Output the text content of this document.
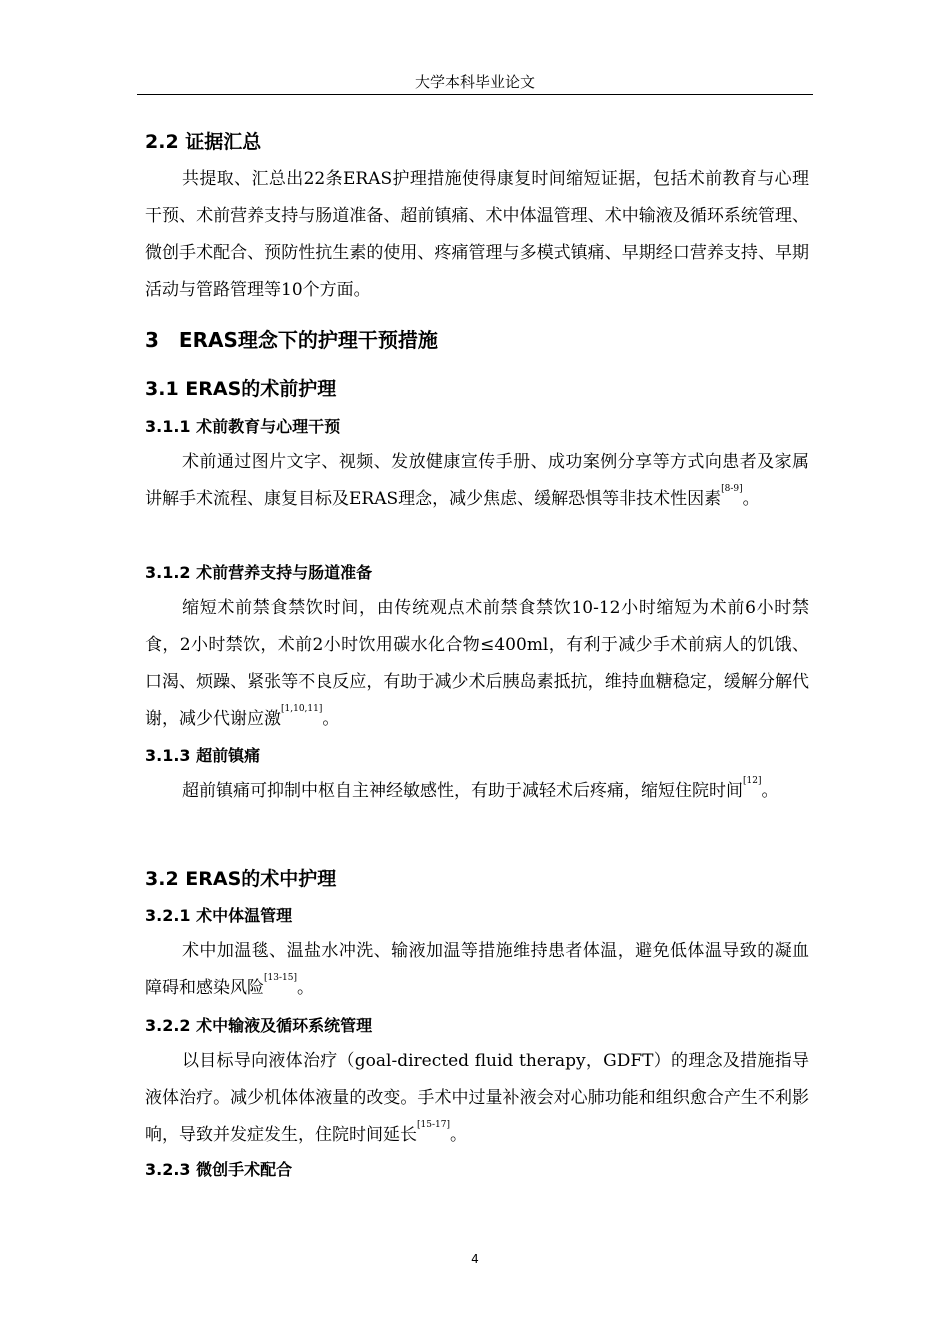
大学本科毕业论文
2.2 证据汇总

共提取、汇总出22条ERAS护理措施使得康复时间缩短证据，包括术前教育与心理干预、术前营养支持与肠道准备、超前镇痛、术中体温管理、术中输液及循环系统管理、微创手术配合、预防性抗生素的使用、疼痛管理与多模式镇痛、早期经口营养支持、早期活动与管路管理等10个方面。

3　ERAS理念下的护理干预措施
3.1 ERAS的术前护理
3.1.1 术前教育与心理干预

术前通过图片文字、视频、发放健康宣传手册、成功案例分享等方式向患者及家属讲解手术流程、康复目标及ERAS理念，减少焦虑、缓解恐惧等非技术性因素[8-9]。

3.1.2 术前营养支持与肠道准备

缩短术前禁食禁饮时间，由传统观点术前禁食禁饮10-12小时缩短为术前6小时禁食，2小时禁饮，术前2小时饮用碳水化合物≤400ml，有利于减少手术前病人的饥饿、口渴、烦躁、紧张等不良反应，有助于减少术后胰岛素抵抗，维持血糖稳定，缓解分解代谢，减少代谢应激[1,10,11]。

3.1.3 超前镇痛

超前镇痛可抑制中枢自主神经敏感性，有助于减轻术后疼痛，缩短住院时间[12]。

3.2 ERAS的术中护理
3.2.1 术中体温管理

术中加温毯、温盐水冲洗、输液加温等措施维持患者体温，避免低体温导致的凝血障碍和感染风险[13-15]。

3.2.2 术中输液及循环系统管理

以目标导向液体治疗（goal-directed fluid therapy，GDFT）的理念及措施指导液体治疗。减少机体体液量的改变。手术中过量补液会对心肺功能和组织愈合产生不利影响，导致并发症发生，住院时间延长[15-17]。

3.2.3 微创手术配合
4
